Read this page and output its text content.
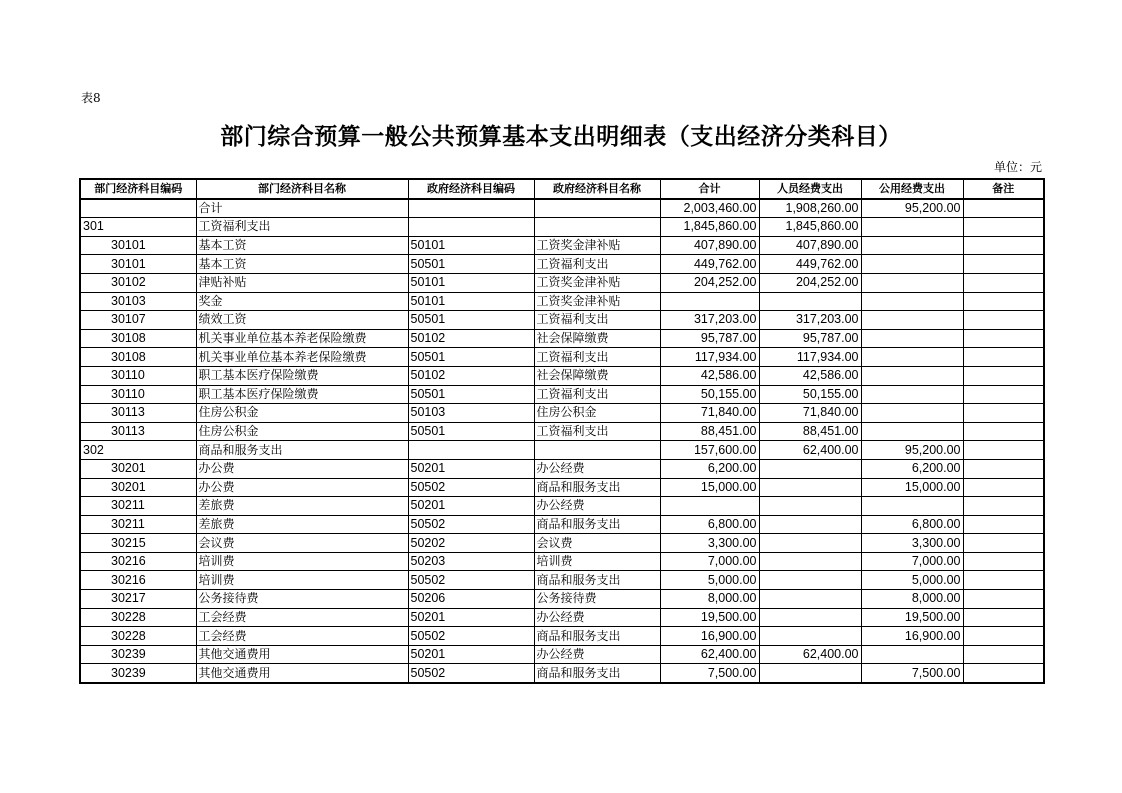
表8
部门综合预算一般公共预算基本支出明细表（支出经济分类科目）
单位：元
部门经济科目编码	部门经济科目名称	政府经济科目编码	政府经济科目名称	合计	人员经费支出	公用经费支出	备注
	合计			2,003,460.00	1,908,260.00	95,200.00	
301	工资福利支出			1,845,860.00	1,845,860.00		
30101	基本工资	50101	工资奖金津补贴	407,890.00	407,890.00		
30101	基本工资	50501	工资福利支出	449,762.00	449,762.00		
30102	津贴补贴	50101	工资奖金津补贴	204,252.00	204,252.00		
30103	奖金	50101	工资奖金津补贴				
30107	绩效工资	50501	工资福利支出	317,203.00	317,203.00		
30108	机关事业单位基本养老保险缴费	50102	社会保障缴费	95,787.00	95,787.00		
30108	机关事业单位基本养老保险缴费	50501	工资福利支出	117,934.00	117,934.00		
30110	职工基本医疗保险缴费	50102	社会保障缴费	42,586.00	42,586.00		
30110	职工基本医疗保险缴费	50501	工资福利支出	50,155.00	50,155.00		
30113	住房公积金	50103	住房公积金	71,840.00	71,840.00		
30113	住房公积金	50501	工资福利支出	88,451.00	88,451.00		
302	商品和服务支出			157,600.00	62,400.00	95,200.00	
30201	办公费	50201	办公经费	6,200.00		6,200.00	
30201	办公费	50502	商品和服务支出	15,000.00		15,000.00	
30211	差旅费	50201	办公经费				
30211	差旅费	50502	商品和服务支出	6,800.00		6,800.00	
30215	会议费	50202	会议费	3,300.00		3,300.00	
30216	培训费	50203	培训费	7,000.00		7,000.00	
30216	培训费	50502	商品和服务支出	5,000.00		5,000.00	
30217	公务接待费	50206	公务接待费	8,000.00		8,000.00	
30228	工会经费	50201	办公经费	19,500.00		19,500.00	
30228	工会经费	50502	商品和服务支出	16,900.00		16,900.00	
30239	其他交通费用	50201	办公经费	62,400.00	62,400.00		
30239	其他交通费用	50502	商品和服务支出	7,500.00		7,500.00	
